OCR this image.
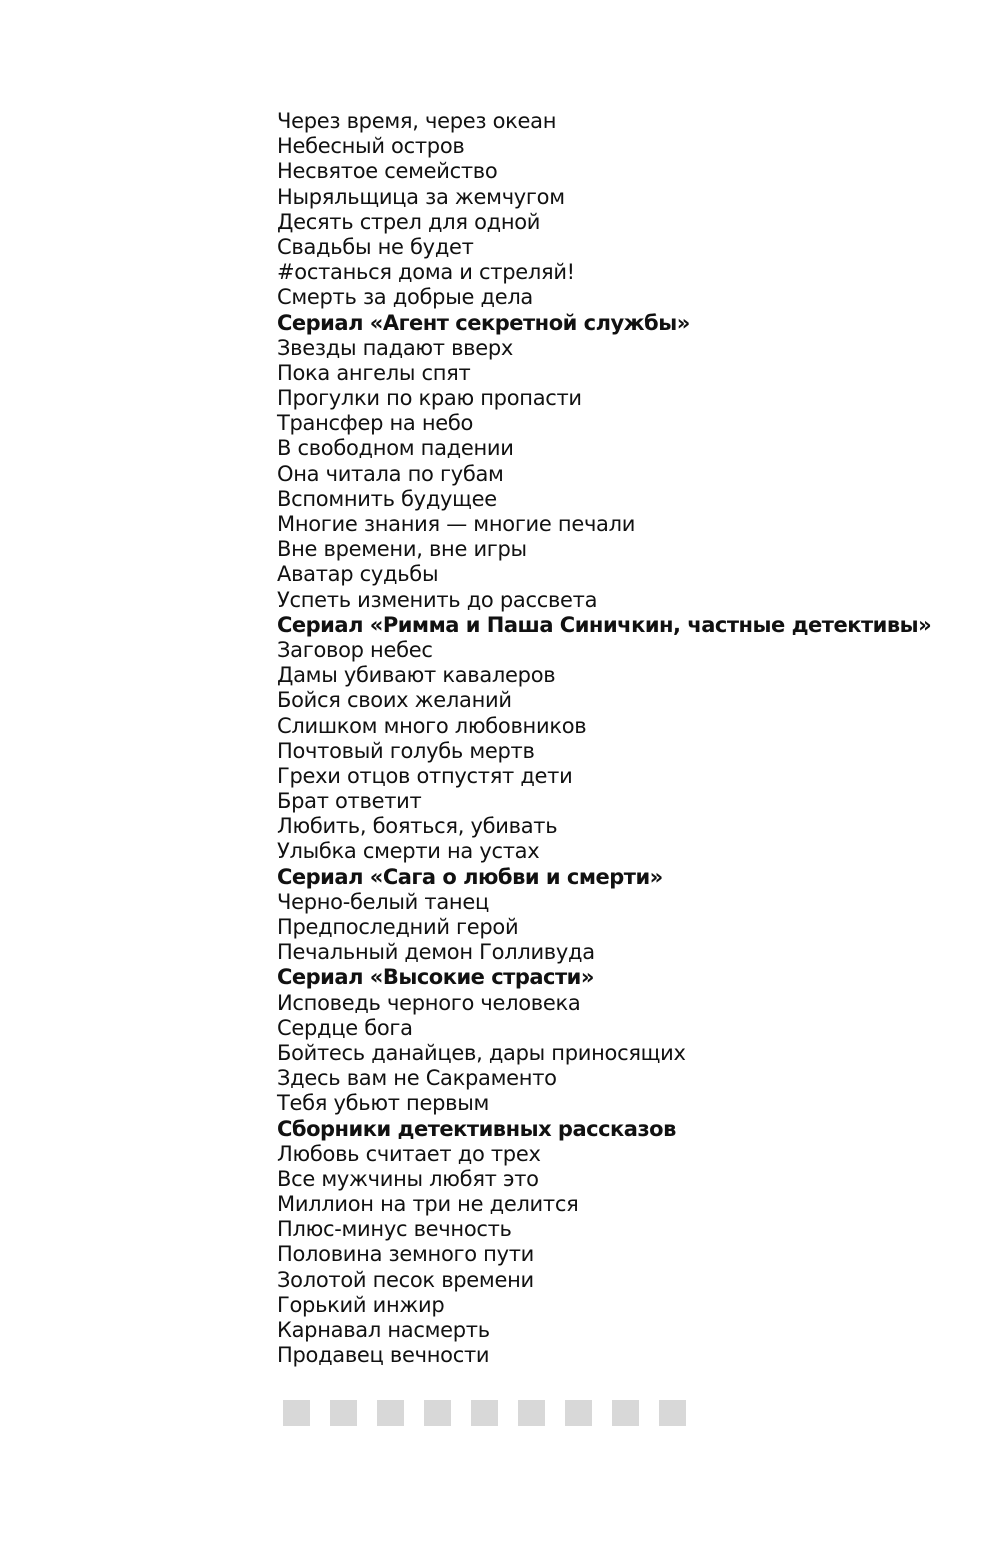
Через время, через океан
Небесный остров
Несвятое семейство
Ныряльщица за жемчугом
Десять стрел для одной
Свадьбы не будет
#останься дома и стреляй!
Смерть за добрые дела
Сериал «Агент секретной службы»
Звезды падают вверх
Пока ангелы спят
Прогулки по краю пропасти
Трансфер на небо
В свободном падении
Она читала по губам
Вспомнить будущее
Многие знания — многие печали
Вне времени, вне игры
Аватар судьбы
Успеть изменить до рассвета
Сериал «Римма и Паша Синичкин, частные детективы»
Заговор небес
Дамы убивают кавалеров
Бойся своих желаний
Слишком много любовников
Почтовый голубь мертв
Грехи отцов отпустят дети
Брат ответит
Любить, бояться, убивать
Улыбка смерти на устах
Сериал «Сага о любви и смерти»
Черно-белый танец
Предпоследний герой
Печальный демон Голливуда
Сериал «Высокие страсти»
Исповедь черного человека
Сердце бога
Бойтесь данайцев, дары приносящих
Здесь вам не Сакраменто
Тебя убьют первым
Сборники детективных рассказов
Любовь считает до трех
Все мужчины любят это
Миллион на три не делится
Плюс-минус вечность
Половина земного пути
Золотой песок времени
Горький инжир
Карнавал насмерть
Продавец вечности
